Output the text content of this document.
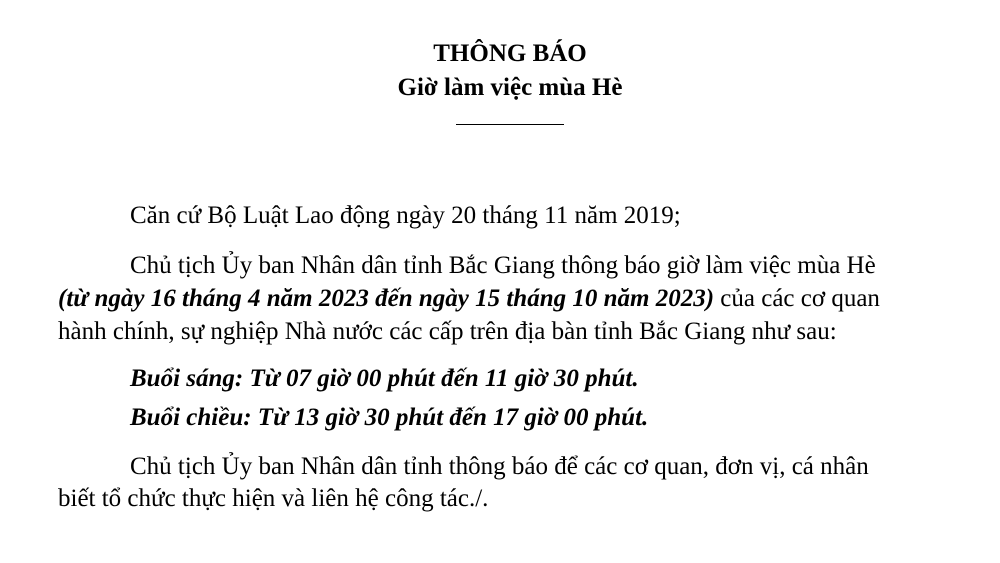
THÔNG BÁO
Giờ làm việc mùa Hè
Căn cứ Bộ Luật Lao động ngày 20 tháng 11 năm 2019;
Chủ tịch Ủy ban Nhân dân tỉnh Bắc Giang thông báo giờ làm việc mùa Hè
(từ ngày 16 tháng 4 năm 2023 đến ngày 15 tháng 10 năm 2023) của các cơ quan
hành chính, sự nghiệp Nhà nước các cấp trên địa bàn tỉnh Bắc Giang như sau:
Buổi sáng: Từ 07 giờ 00 phút đến 11 giờ 30 phút.
Buổi chiều: Từ 13 giờ 30 phút đến 17 giờ 00 phút.
Chủ tịch Ủy ban Nhân dân tỉnh thông báo để các cơ quan, đơn vị, cá nhân
biết tổ chức thực hiện và liên hệ công tác./.
